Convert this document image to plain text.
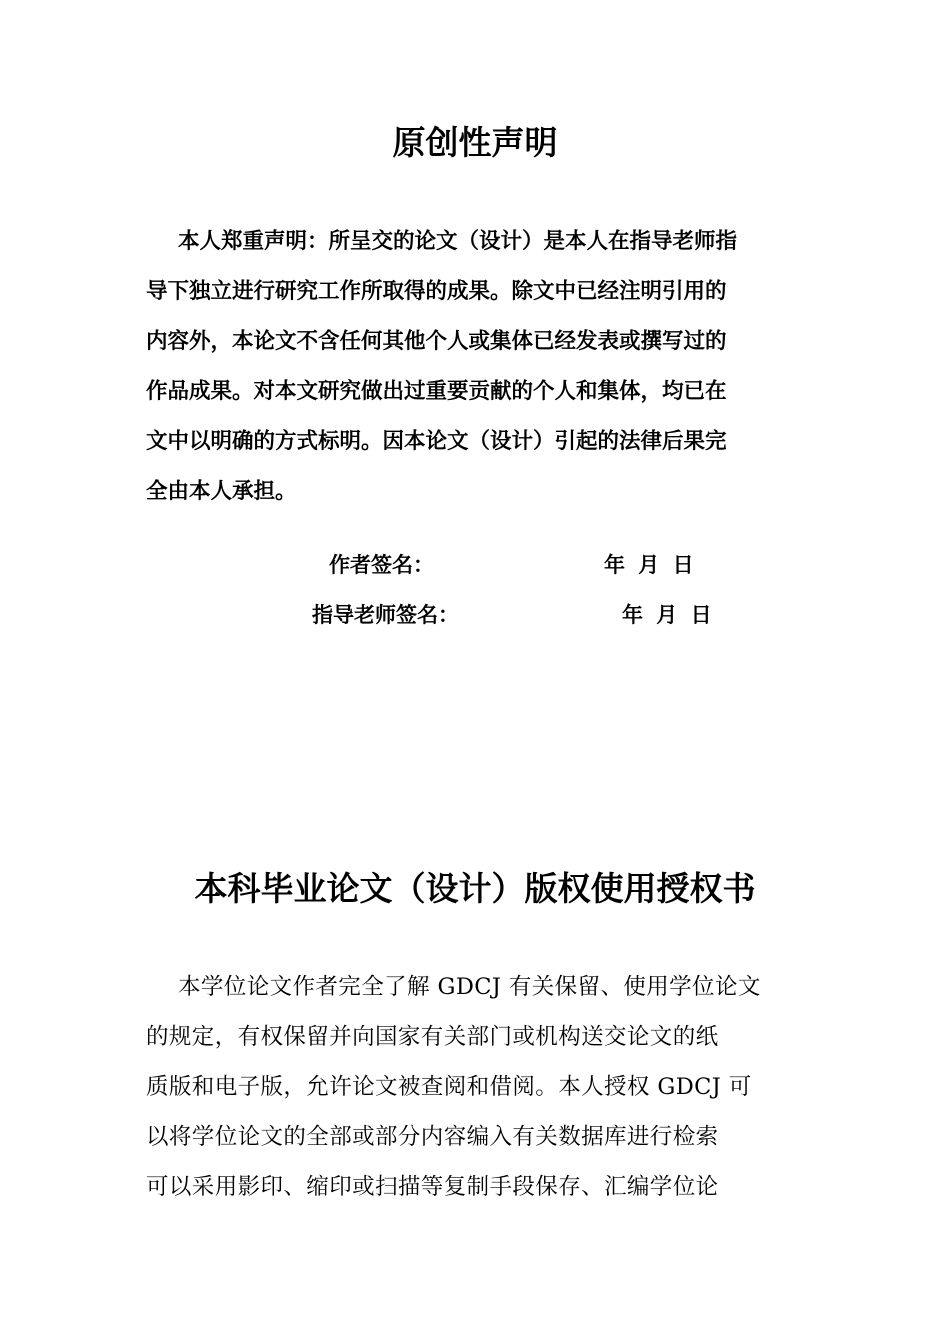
原创性声明
本人郑重声明：所呈交的论文（设计）是本人在指导老师指
导下独立进行研究工作所取得的成果。除文中已经注明引用的
内容外，本论文不含任何其他个人或集体已经发表或撰写过的
作品成果。对本文研究做出过重要贡献的个人和集体，均已在
文中以明确的方式标明。因本论文（设计）引起的法律后果完
全由本人承担。
作者签名：	年 月 日
指导老师签名：	年 月 日
本科毕业论文（设计）版权使用授权书
本学位论文作者完全了解 GDCJ 有关保留、使用学位论文
的规定，有权保留并向国家有关部门或机构送交论文的纸
质版和电子版，允许论文被查阅和借阅。本人授权 GDCJ 可
以将学位论文的全部或部分内容编入有关数据库进行检索
可以采用影印、缩印或扫描等复制手段保存、汇编学位论
